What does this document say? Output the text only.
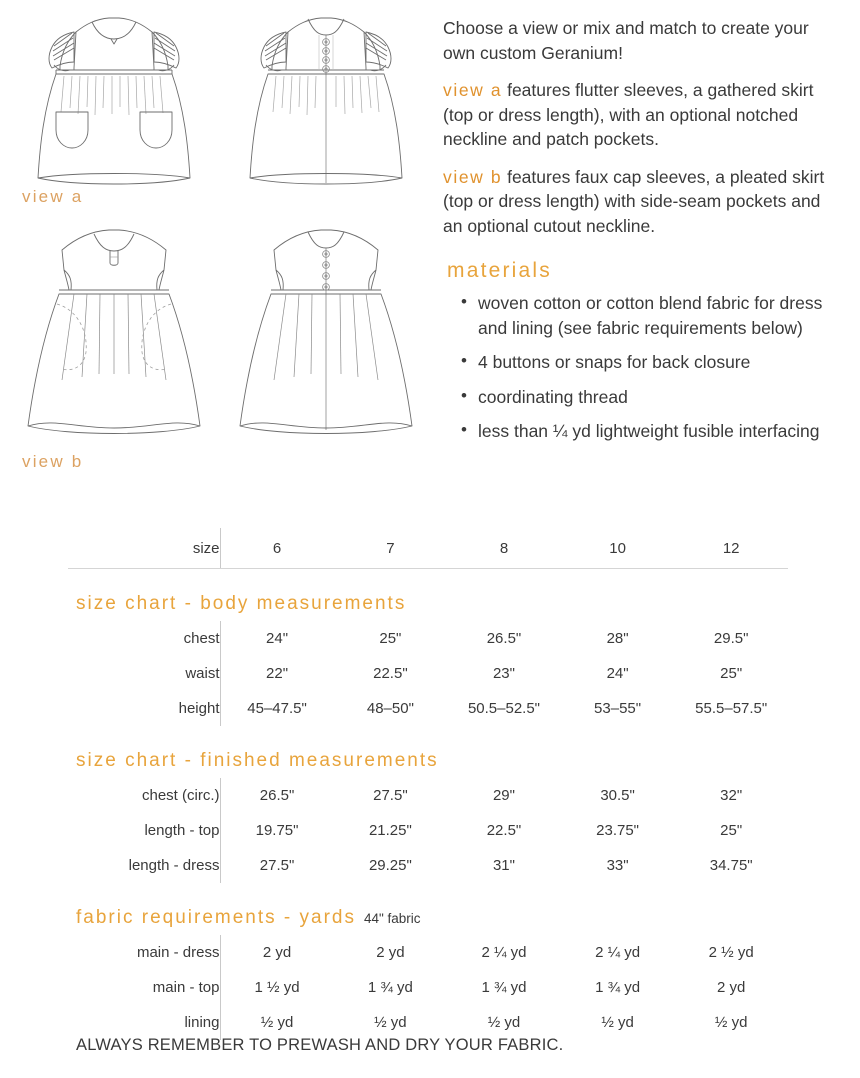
view a
view b

Choose a view or mix and match to create your own custom Geranium!

view a features flutter sleeves, a gathered skirt (top or dress length), with an optional notched neckline and patch pockets.

view b features faux cap sleeves, a pleated skirt (top or dress length) with side-seam pockets and an optional cutout neckline.

materials
• woven cotton or cotton blend fabric for dress and lining (see fabric requirements below)
• 4 buttons or snaps for back closure
• coordinating thread
• less than ¼ yd lightweight fusible interfacing
size	6	7	8	10	12

size chart - body measurements					
chest	24"	25"	26.5"	28"	29.5"
waist	22"	22.5"	23"	24"	25"
height	45–47.5"	48–50"	50.5–52.5"	53–55"	55.5–57.5"
size chart - finished measurements					
chest (circ.)	26.5"	27.5"	29"	30.5"	32"
length - top	19.75"	21.25"	22.5"	23.75"	25"
length - dress	27.5"	29.25"	31"	33"	34.75"
fabric requirements - yards 44" fabric					
main - dress	2 yd	2 yd	2 ¼ yd	2 ¼ yd	2 ½ yd
main - top	1 ½ yd	1 ¾ yd	1 ¾ yd	1 ¾ yd	2 yd
lining	½ yd	½ yd	½ yd	½ yd	½ yd
ALWAYS REMEMBER TO PREWASH AND DRY YOUR FABRIC.
